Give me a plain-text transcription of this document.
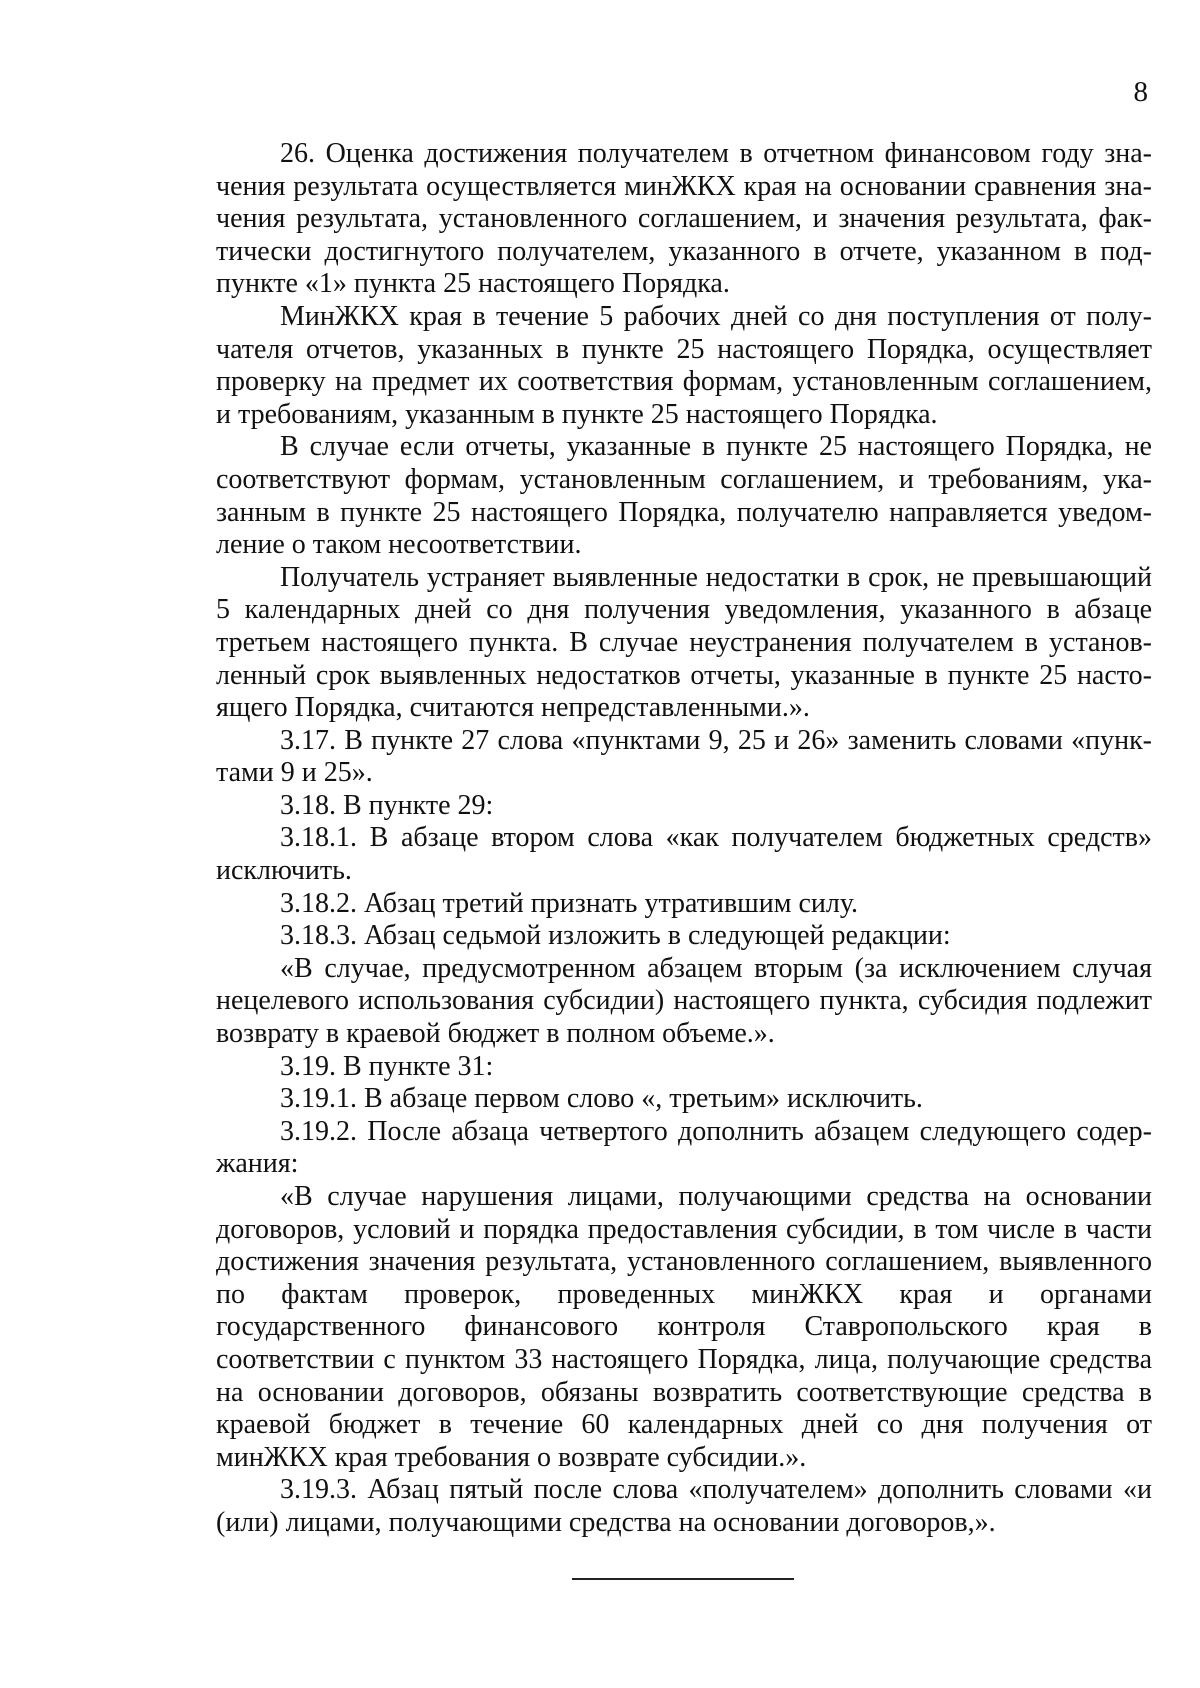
8

26. Оценка достижения получателем в отчетном финансовом году значения результата осуществляется минЖКХ края на основании сравнения значения результата, установленного соглашением, и значения результата, фактически достигнутого получателем, указанного в отчете, указанном в подпункте «1» пункта 25 настоящего Порядка.

МинЖКХ края в течение 5 рабочих дней со дня поступления от получателя отчетов, указанных в пункте 25 настоящего Порядка, осуществляет проверку на предмет их соответствия формам, установленным соглашением, и требованиям, указанным в пункте 25 настоящего Порядка.

В случае если отчеты, указанные в пункте 25 настоящего Порядка, не соответствуют формам, установленным соглашением, и требованиям, указанным в пункте 25 настоящего Порядка, получателю направляется уведомление о таком несоответствии.

Получатель устраняет выявленные недостатки в срок, не превышающий 5 календарных дней со дня получения уведомления, указанного в абзаце третьем настоящего пункта. В случае неустранения получателем в установленный срок выявленных недостатков отчеты, указанные в пункте 25 настоящего Порядка, считаются непредставленными.».

3.17. В пункте 27 слова «пунктами 9, 25 и 26» заменить словами «пунктами 9 и 25».

3.18. В пункте 29:

3.18.1. В абзаце втором слова «как получателем бюджетных средств» исключить.

3.18.2. Абзац третий признать утратившим силу.

3.18.3. Абзац седьмой изложить в следующей редакции:

«В случае, предусмотренном абзацем вторым (за исключением случая нецелевого использования субсидии) настоящего пункта, субсидия подлежит возврату в краевой бюджет в полном объеме.».

3.19. В пункте 31:

3.19.1. В абзаце первом слово «, третьим» исключить.

3.19.2. После абзаца четвертого дополнить абзацем следующего содержания:

«В случае нарушения лицами, получающими средства на основании договоров, условий и порядка предоставления субсидии, в том числе в части достижения значения результата, установленного соглашением, выявленного по фактам проверок, проведенных минЖКХ края и органами государственного финансового контроля Ставропольского края в соответствии с пунктом 33 настоящего Порядка, лица, получающие средства на основании договоров, обязаны возвратить соответствующие средства в краевой бюджет в течение 60 календарных дней со дня получения от минЖКХ края требования о возврате субсидии.».

3.19.3. Абзац пятый после слова «получателем» дополнить словами «и (или) лицами, получающими средства на основании договоров,».
